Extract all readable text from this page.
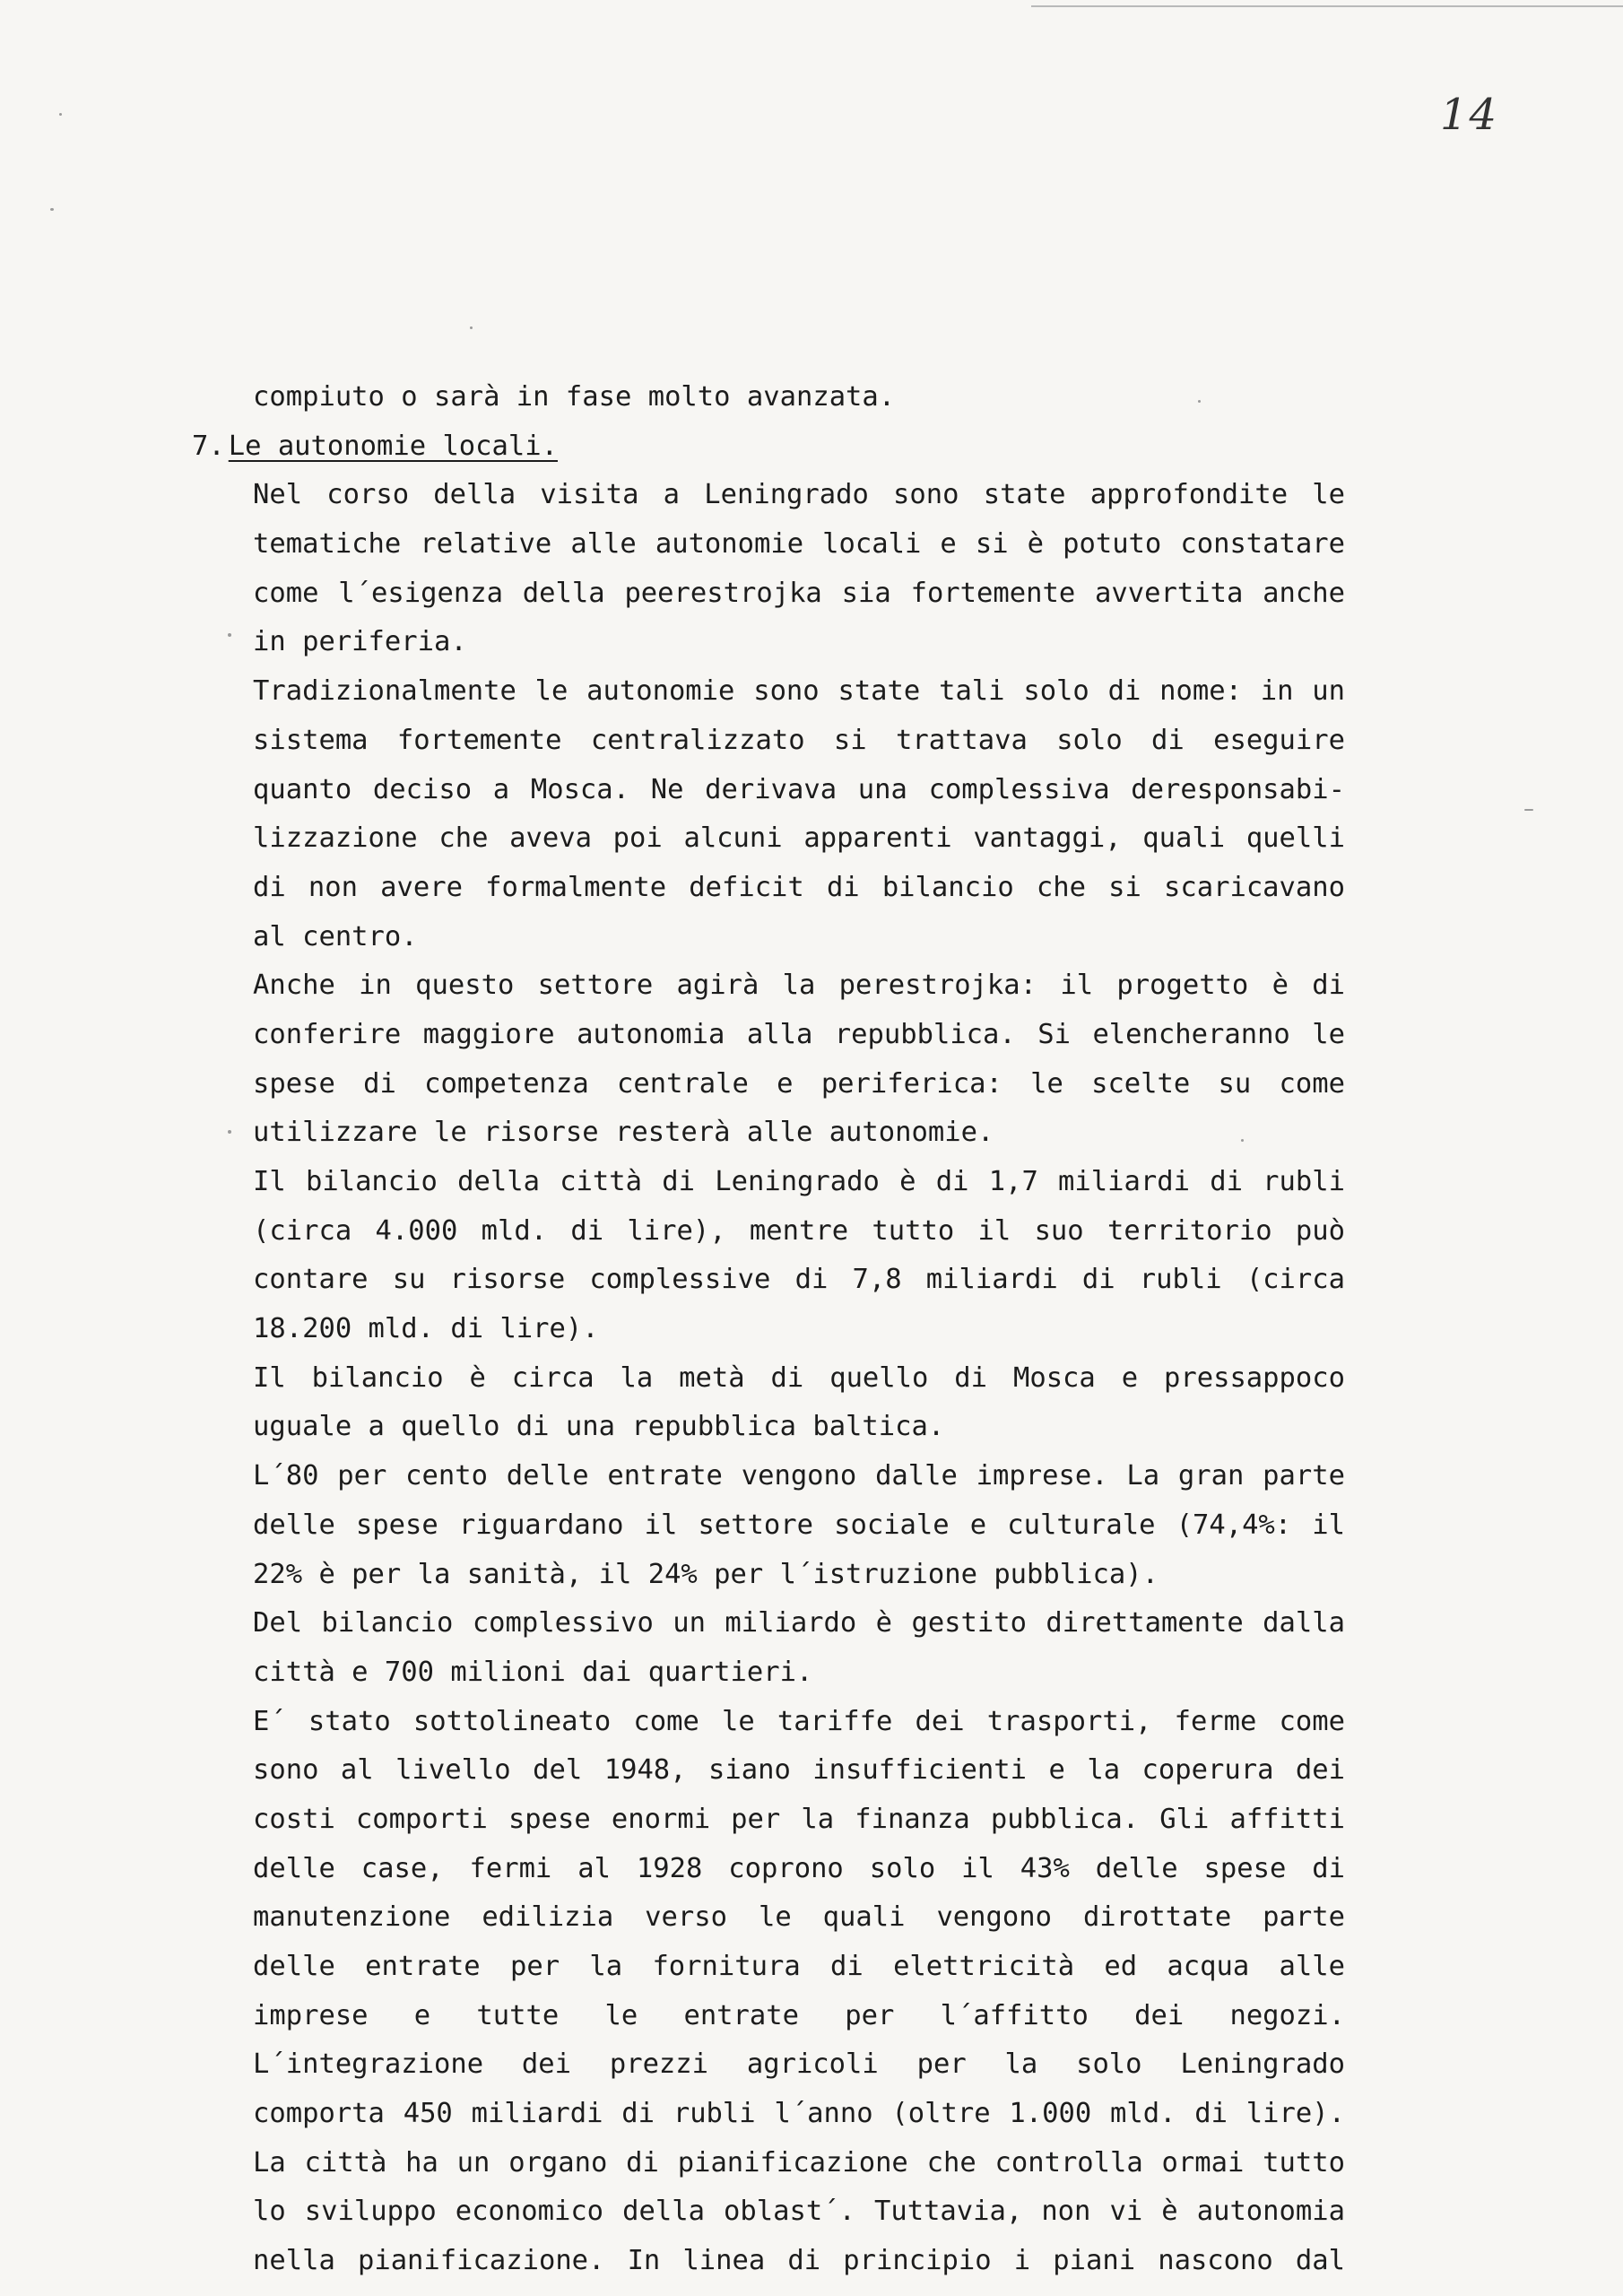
14
compiuto o sarà in fase molto avanzata.
7. Le autonomie locali.
Nel corso della visita a Leningrado sono state approfondite le
tematiche relative alle autonomie locali e si è potuto constatare
come l´esigenza della peerestrojka sia fortemente avvertita anche
in periferia.
Tradizionalmente le autonomie sono state tali solo di nome: in un
sistema fortemente centralizzato si trattava solo di eseguire
quanto deciso a Mosca. Ne derivava una complessiva deresponsabi-
lizzazione che aveva poi alcuni apparenti vantaggi, quali quelli
di non avere formalmente deficit di bilancio che si scaricavano
al centro.
Anche in questo settore agirà la perestrojka: il progetto è di
conferire maggiore autonomia alla repubblica. Si elencheranno le
spese di competenza centrale e periferica: le scelte su come
utilizzare le risorse resterà alle autonomie.
Il bilancio della città di Leningrado è di 1,7 miliardi di rubli
(circa 4.000 mld. di lire), mentre tutto il suo territorio può
contare su risorse complessive di 7,8 miliardi di rubli (circa
18.200 mld. di lire).
Il bilancio è circa la metà di quello di Mosca e pressappoco
uguale a quello di una repubblica baltica.
L´80 per cento delle entrate vengono dalle imprese. La gran parte
delle spese riguardano il settore sociale e culturale (74,4%: il
22% è per la sanità, il 24% per l´istruzione pubblica).
Del bilancio complessivo un miliardo è gestito direttamente dalla
città e 700 milioni dai quartieri.
E´ stato sottolineato come le tariffe dei trasporti, ferme come
sono al livello del 1948, siano insufficienti e la coperura dei
costi comporti spese enormi per la finanza pubblica. Gli affitti
delle case, fermi al 1928 coprono solo il 43% delle spese di
manutenzione edilizia verso le quali vengono dirottate parte
delle entrate per la fornitura di elettricità ed acqua alle
imprese e tutte le entrate per l´affitto dei negozi.
L´integrazione dei prezzi agricoli per la solo Leningrado
comporta 450 miliardi di rubli l´anno (oltre 1.000 mld. di lire).
La città ha un organo di pianificazione che controlla ormai tutto
lo sviluppo economico della oblast´. Tuttavia, non vi è autonomia
nella pianificazione. In linea di principio i piani nascono dal
